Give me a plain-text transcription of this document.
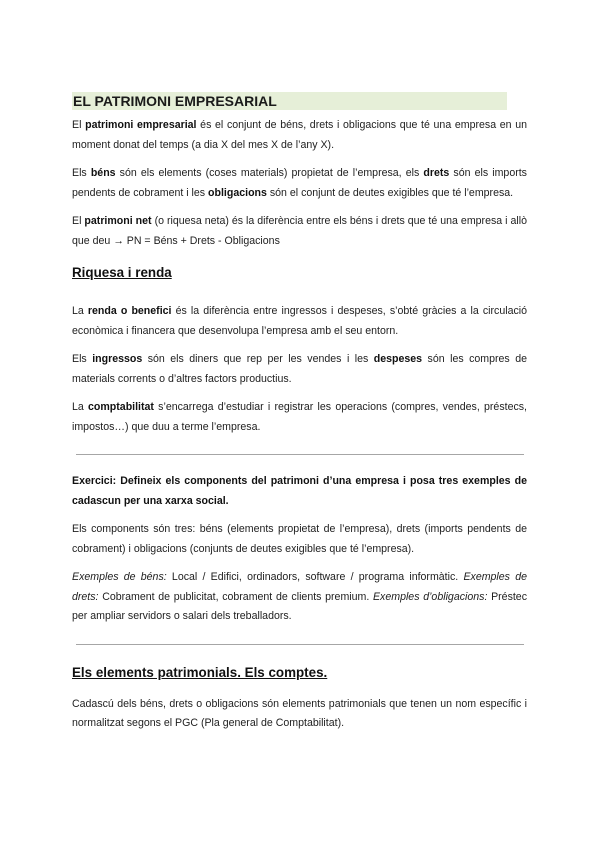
EL PATRIMONI EMPRESARIAL

El patrimoni empresarial és el conjunt de béns, drets i obligacions que té una empresa en un moment donat del temps (a dia X del mes X de l’any X).

Els béns són els elements (coses materials) propietat de l’empresa, els drets són els imports pendents de cobrament i les obligacions són el conjunt de deutes exigibles que té l’empresa.

El patrimoni net (o riquesa neta) és la diferència entre els béns i drets que té una empresa i allò que deu → PN = Béns + Drets - Obligacions

Riquesa i renda

La renda o benefici és la diferència entre ingressos i despeses, s’obté gràcies a la circulació econòmica i financera que desenvolupa l’empresa amb el seu entorn.

Els ingressos són els diners que rep per les vendes i les despeses són les compres de materials corrents o d’altres factors productius.

La comptabilitat s’encarrega d’estudiar i registrar les operacions (compres, vendes, préstecs, impostos…) que duu a terme l’empresa.

Exercici: Defineix els components del patrimoni d’una empresa i posa tres exemples de cadascun per una xarxa social.

Els components són tres: béns (elements propietat de l’empresa), drets (imports pendents de cobrament) i obligacions (conjunts de deutes exigibles que té l’empresa).

Exemples de béns: Local / Edifici, ordinadors, software / programa informàtic. Exemples de drets: Cobrament de publicitat, cobrament de clients premium. Exemples d’obligacions: Préstec per ampliar servidors o salari dels treballadors.

Els elements patrimonials. Els comptes.

Cadascú dels béns, drets o obligacions són elements patrimonials que tenen un nom específic i normalitzat segons el PGC (Pla general de Comptabilitat).
